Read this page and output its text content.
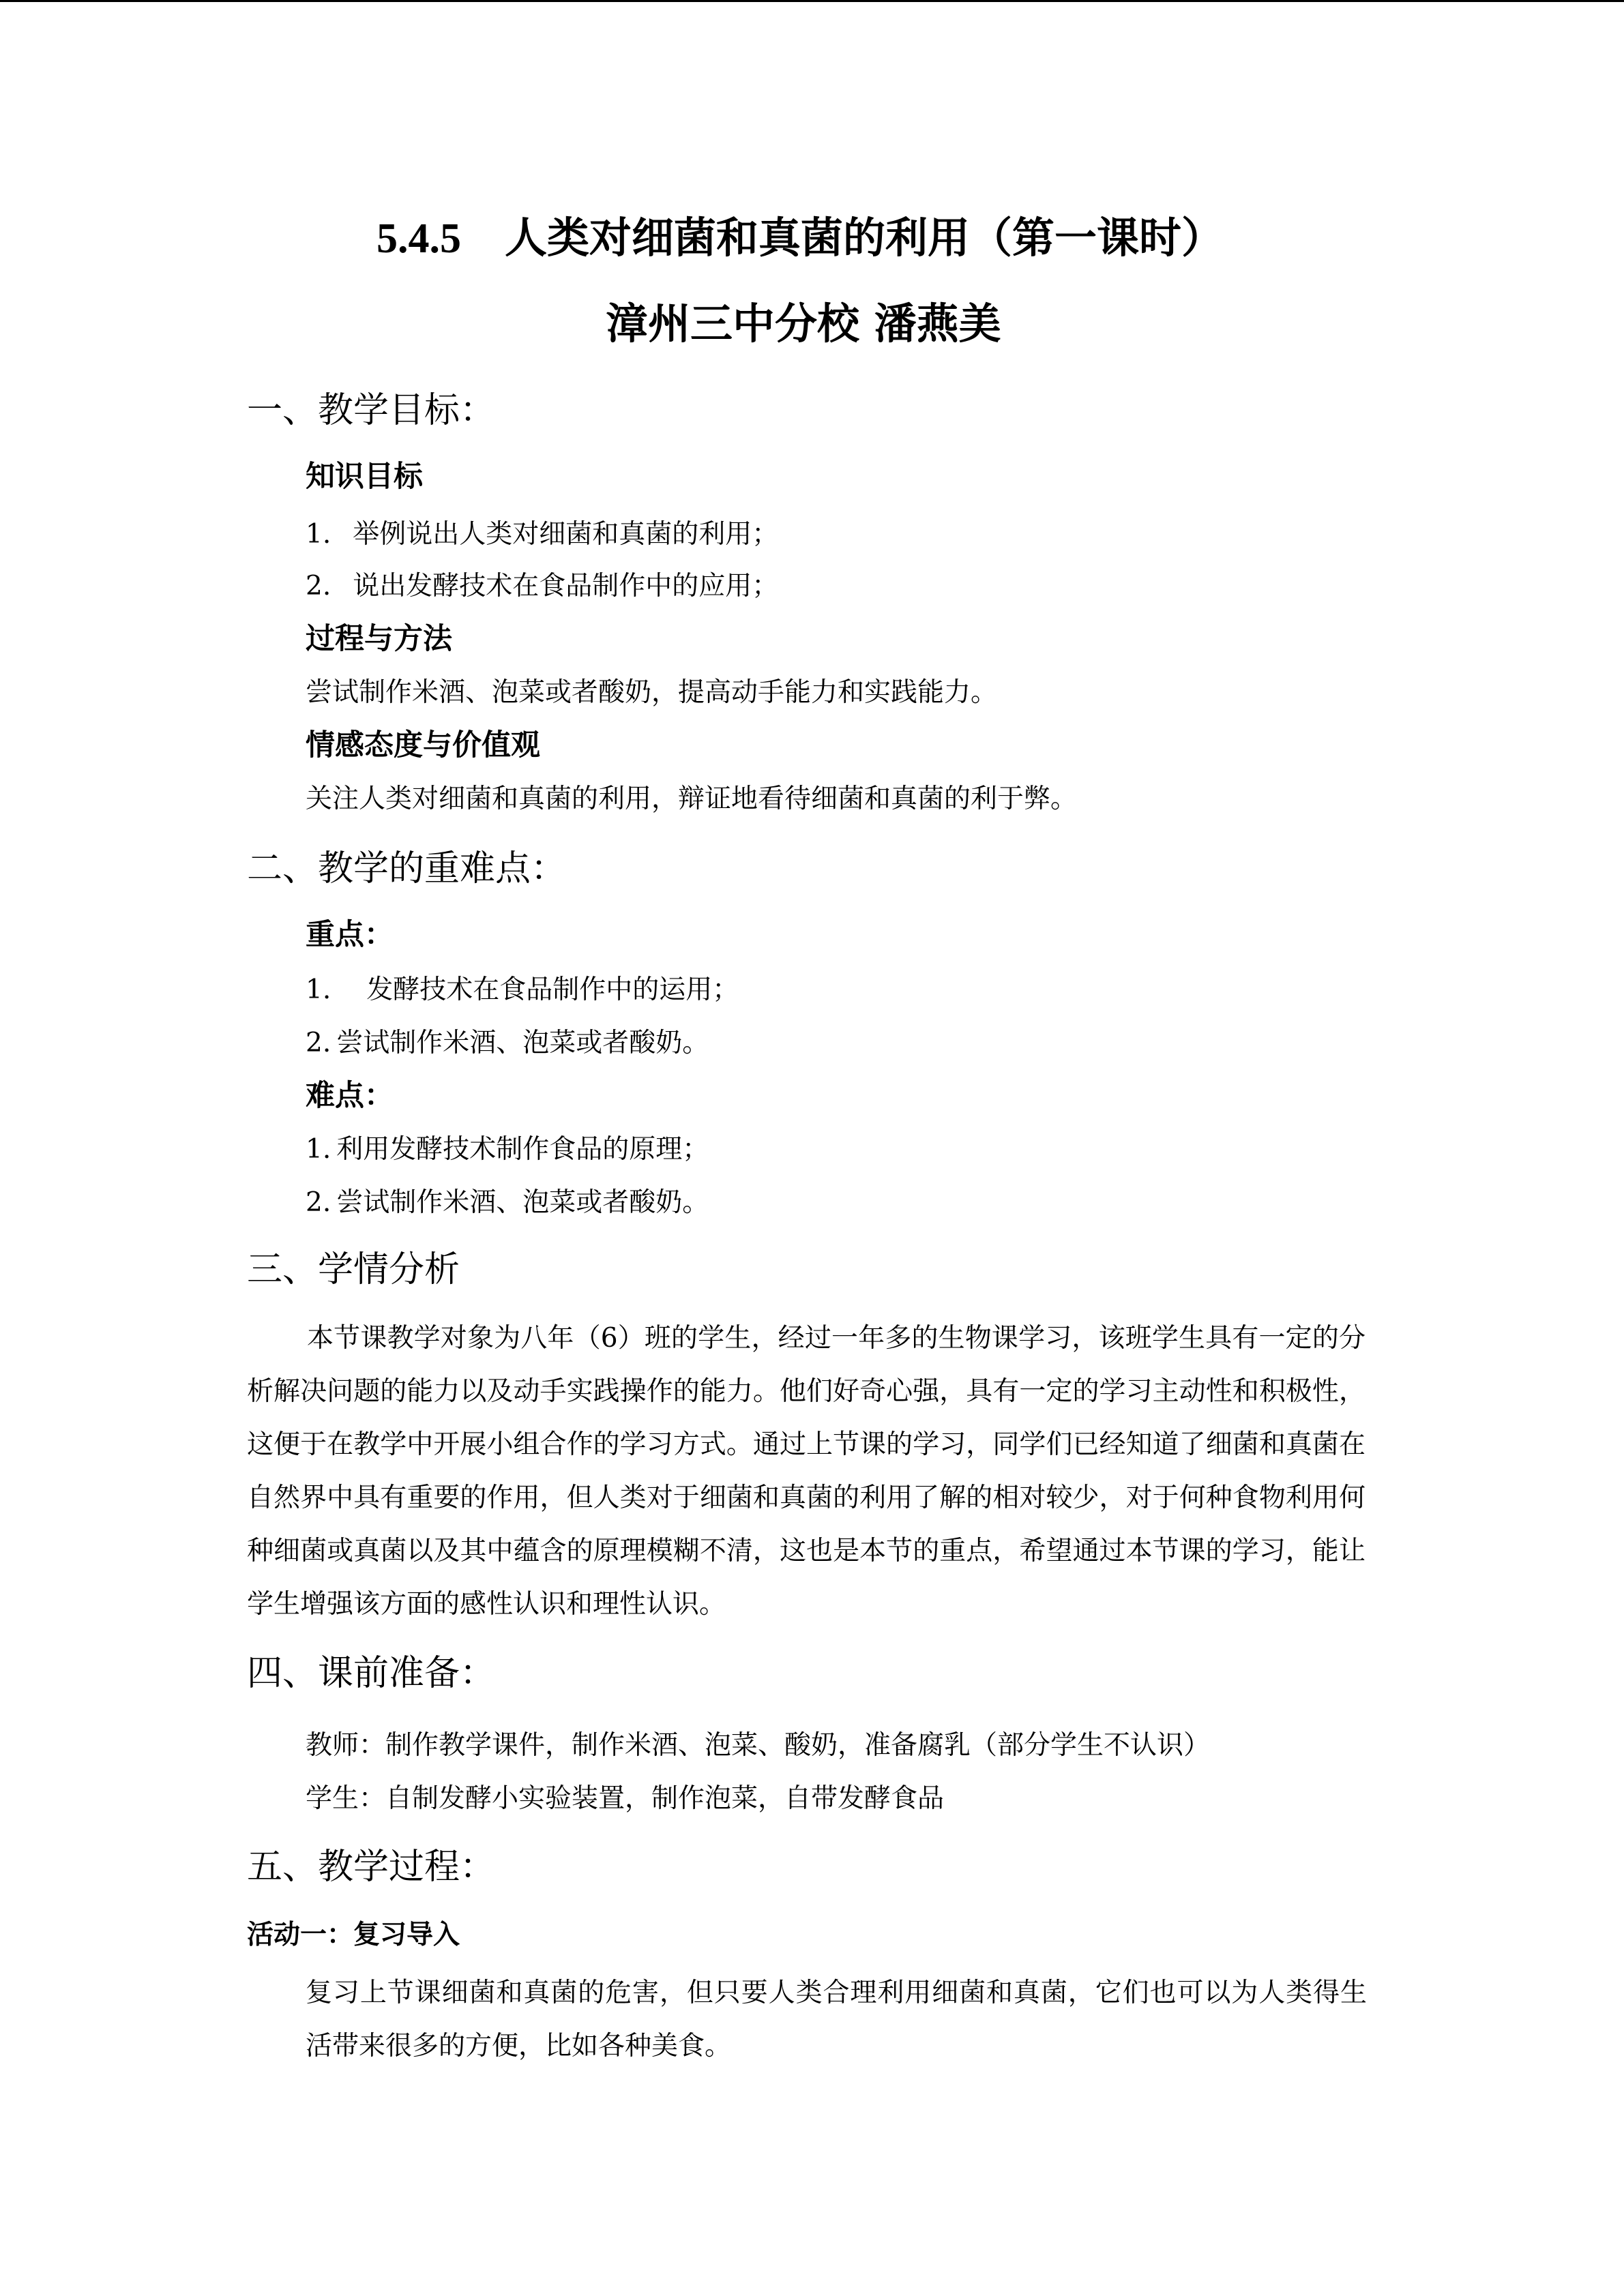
5.4.5 人类对细菌和真菌的利用（第一课时）
漳州三中分校 潘燕美
一、教学目标：
知识目标
1. 举例说出人类对细菌和真菌的利用；
2. 说出发酵技术在食品制作中的应用；
过程与方法
尝试制作米酒、泡菜或者酸奶，提高动手能力和实践能力。
情感态度与价值观
关注人类对细菌和真菌的利用，辩证地看待细菌和真菌的利于弊。
二、教学的重难点：
重点：
1. 发酵技术在食品制作中的运用；
2. 尝试制作米酒、泡菜或者酸奶。
难点：
1. 利用发酵技术制作食品的原理；
2. 尝试制作米酒、泡菜或者酸奶。
三、学情分析

本节课教学对象为八年（6）班的学生，经过一年多的生物课学习，该班学生具有一定的分析解决问题的能力以及动手实践操作的能力。他们好奇心强，具有一定的学习主动性和积极性，这便于在教学中开展小组合作的学习方式。通过上节课的学习，同学们已经知道了细菌和真菌在自然界中具有重要的作用，但人类对于细菌和真菌的利用了解的相对较少，对于何种食物利用何种细菌或真菌以及其中蕴含的原理模糊不清，这也是本节的重点，希望通过本节课的学习，能让学生增强该方面的感性认识和理性认识。

四、课前准备：
教师：制作教学课件，制作米酒、泡菜、酸奶，准备腐乳（部分学生不认识）
学生：自制发酵小实验装置，制作泡菜，自带发酵食品
五、教学过程：
活动一：复习导入

复习上节课细菌和真菌的危害，但只要人类合理利用细菌和真菌，它们也可以为人类得生活带来很多的方便，比如各种美食。
